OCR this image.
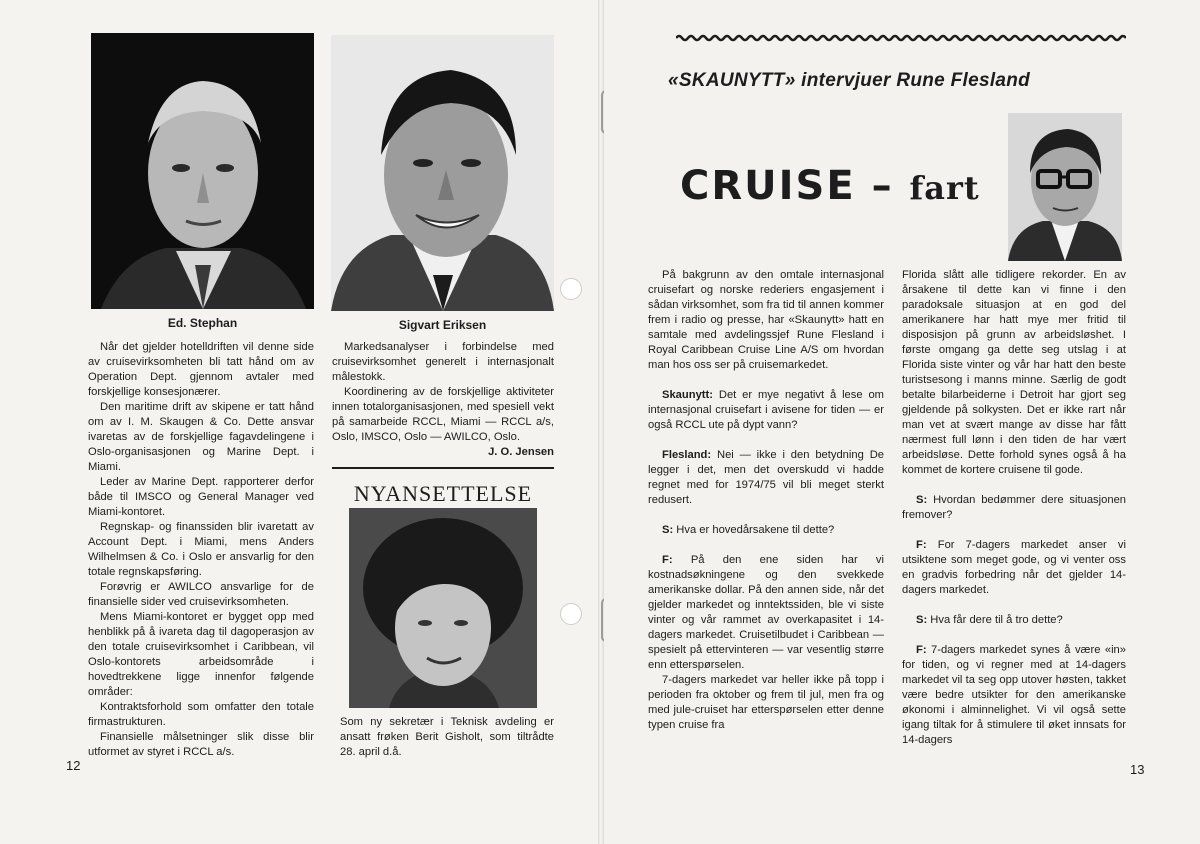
Ed. Stephan	Sigvart Eriksen

Når det gjelder hotelldriften vil denne side av cruisevirksomheten bli tatt hånd om av Operation Dept. gjennom avtaler med forskjellige konsesjonærer.

Den maritime drift av skipene er tatt hånd om av I. M. Skaugen & Co. Dette ansvar ivaretas av de forskjellige fagavdelingene i Oslo-organisasjonen og Marine Dept. i Miami.

Leder av Marine Dept. rapporterer derfor både til IMSCO og General Manager ved Miami-kontoret.

Regnskap- og finanssiden blir ivaretatt av Account Dept. i Miami, mens Anders Wilhelmsen & Co. i Oslo er ansvarlig for den totale regnskapsføring.

Forøvrig er AWILCO ansvarlige for de finansielle sider ved cruisevirksomheten.

Mens Miami-kontoret er bygget opp med henblikk på å ivareta dag til dagoperasjon av den totale cruisevirksomhet i Caribbean, vil Oslo-kontorets arbeidsområde i hovedtrekkene ligge innenfor følgende områder:

Kontraktsforhold som omfatter den totale firmastrukturen.

Finansielle målsetninger slik disse blir utformet av styret i RCCL a/s.

Markedsanalyser i forbindelse med cruisevirksomhet generelt i internasjonalt målestokk.

Koordinering av de forskjellige aktiviteter innen totalorganisasjonen, med spesiell vekt på samarbeide RCCL, Miami — RCCL a/s, Oslo, IMSCO, Oslo — AWILCO, Oslo.

J. O. Jensen
NYANSETTELSE

Som ny sekretær i Teknisk avdeling er ansatt frøken Berit Gisholt, som tiltrådte 28. april d.å.

12
«SKAUNYTT» intervjuer Rune Flesland
CRUISE – fart

På bakgrunn av den omtale internasjonal cruisefart og norske rederiers engasjement i sådan virksomhet, som fra tid til annen kommer frem i radio og presse, har «Skaunytt» hatt en samtale med avdelingssjef Rune Flesland i Royal Caribbean Cruise Line A/S om hvordan man hos oss ser på cruisemarkedet.

Skaunytt: Det er mye negativt å lese om internasjonal cruisefart i avisene for tiden — er også RCCL ute på dypt vann?

Flesland: Nei — ikke i den betydning De legger i det, men det overskudd vi hadde regnet med for 1974/75 vil bli meget sterkt redusert.

S: Hva er hovedårsakene til dette?

F: På den ene siden har vi kostnadsøkningene og den svekkede amerikanske dollar. På den annen side, når det gjelder markedet og inntektssiden, ble vi siste vinter og vår rammet av overkapasitet i 14-dagers markedet. Cruisetilbudet i Caribbean — spesielt på ettervinteren — var vesentlig større enn etterspørselen.

7-dagers markedet var heller ikke på topp i perioden fra oktober og frem til jul, men fra og med jule-cruiset har etterspørselen etter denne typen cruise fra

Florida slått alle tidligere rekorder. En av årsakene til dette kan vi finne i den paradoksale situasjon at en god del amerikanere har hatt mye mer fritid til disposisjon på grunn av arbeidsløshet. I første omgang ga dette seg utslag i at Florida siste vinter og vår har hatt den beste turistsesong i manns minne. Særlig de godt betalte bilarbeiderne i Detroit har gjort seg gjeldende på solkysten. Det er ikke rart når man vet at svært mange av disse har fått nærmest full lønn i den tiden de har vært arbeidsløse. Dette forhold synes også å ha kommet de kortere cruisene til gode.

S: Hvordan bedømmer dere situasjonen fremover?

F: For 7-dagers markedet anser vi utsiktene som meget gode, og vi venter oss en gradvis forbedring når det gjelder 14-dagers markedet.

S: Hva får dere til å tro dette?

F: 7-dagers markedet synes å være «in» for tiden, og vi regner med at 14-dagers markedet vil ta seg opp utover høsten, takket være bedre utsikter for den amerikanske økonomi i alminnelighet. Vi vil også sette igang tiltak for å stimulere til øket innsats for 14-dagers

13
